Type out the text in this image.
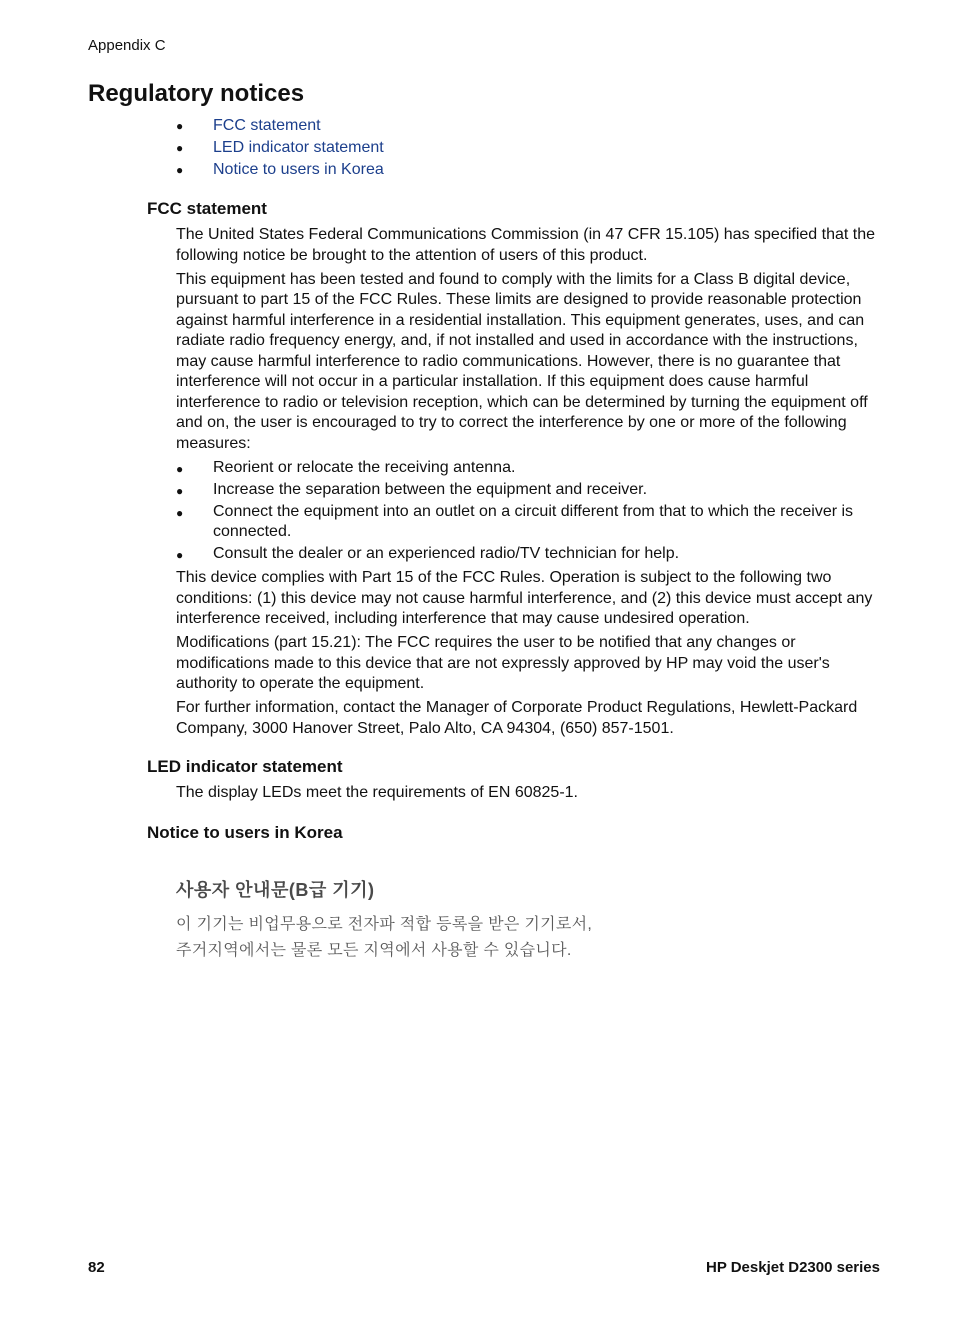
Appendix C
Regulatory notices
● FCC statement
● LED indicator statement
● Notice to users in Korea
FCC statement

The United States Federal Communications Commission (in 47 CFR 15.105) has specified that the following notice be brought to the attention of users of this product.

This equipment has been tested and found to comply with the limits for a Class B digital device, pursuant to part 15 of the FCC Rules. These limits are designed to provide reasonable protection against harmful interference in a residential installation. This equipment generates, uses, and can radiate radio frequency energy, and, if not installed and used in accordance with the instructions, may cause harmful interference to radio communications. However, there is no guarantee that interference will not occur in a particular installation. If this equipment does cause harmful interference to radio or television reception, which can be determined by turning the equipment off and on, the user is encouraged to try to correct the interference by one or more of the following measures:

● Reorient or relocate the receiving antenna.
● Increase the separation between the equipment and receiver.
● Connect the equipment into an outlet on a circuit different from that to which the receiver is connected.
● Consult the dealer or an experienced radio/TV technician for help.

This device complies with Part 15 of the FCC Rules. Operation is subject to the following two conditions: (1) this device may not cause harmful interference, and (2) this device must accept any interference received, including interference that may cause undesired operation.

Modifications (part 15.21): The FCC requires the user to be notified that any changes or modifications made to this device that are not expressly approved by HP may void the user's authority to operate the equipment.

For further information, contact the Manager of Corporate Product Regulations, Hewlett-Packard Company, 3000 Hanover Street, Palo Alto, CA 94304, (650) 857-1501.

LED indicator statement

The display LEDs meet the requirements of EN 60825-1.

Notice to users in Korea
사용자 안내문(B급 기기)
이 기기는 비업무용으로 전자파 적합 등록을 받은 기기로서,
주거지역에서는 물론 모든 지역에서 사용할 수 있습니다.
82	HP Deskjet D2300 series
